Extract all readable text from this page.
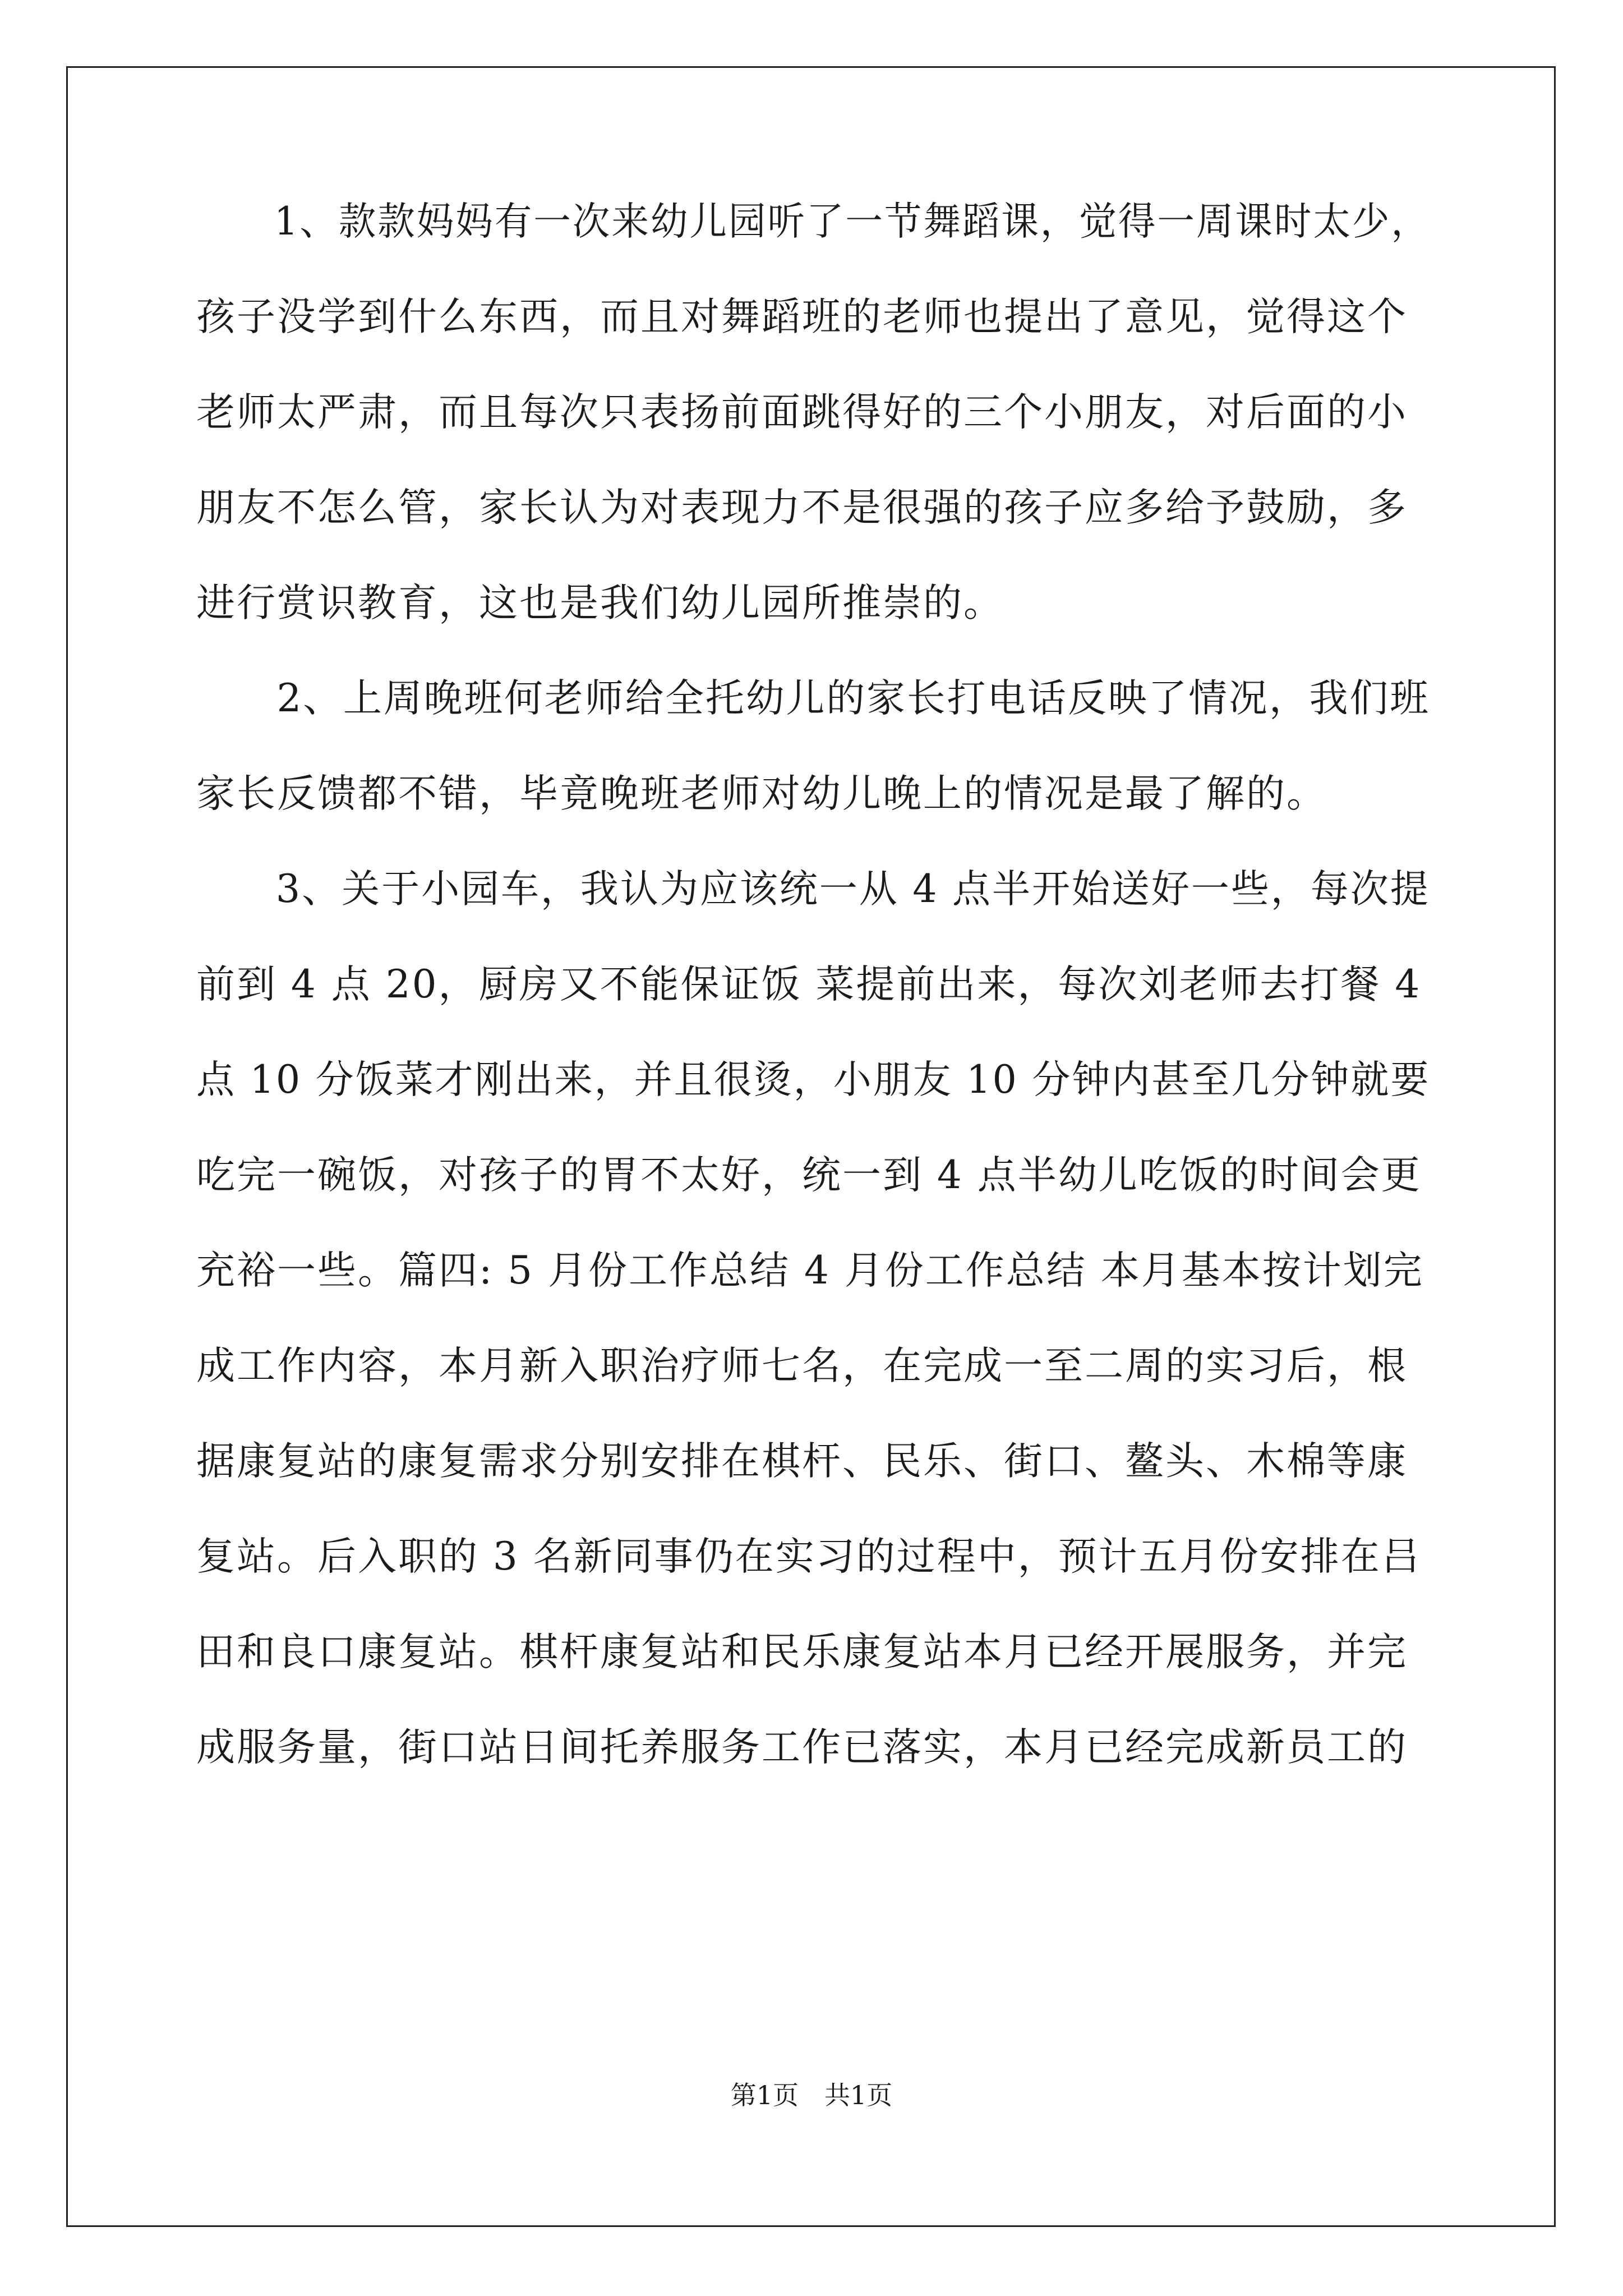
　　1、款款妈妈有一次来幼儿园听了一节舞蹈课，觉得一周课时太少，
孩子没学到什么东西，而且对舞蹈班的老师也提出了意见，觉得这个
老师太严肃，而且每次只表扬前面跳得好的三个小朋友，对后面的小
朋友不怎么管，家长认为对表现力不是很强的孩子应多给予鼓励，多
进行赏识教育，这也是我们幼儿园所推崇的。
　　2、上周晚班何老师给全托幼儿的家长打电话反映了情况，我们班
家长反馈都不错，毕竟晚班老师对幼儿晚上的情况是最了解的。
　　3、关于小园车，我认为应该统一从 4 点半开始送好一些，每次提
前到 4 点 20，厨房又不能保证饭 菜提前出来，每次刘老师去打餐 4
点 10 分饭菜才刚出来，并且很烫，小朋友 10 分钟内甚至几分钟就要
吃完一碗饭，对孩子的胃不太好，统一到 4 点半幼儿吃饭的时间会更
充裕一些。篇四: 5 月份工作总结 4 月份工作总结 本月基本按计划完
成工作内容，本月新入职治疗师七名，在完成一至二周的实习后，根
据康复站的康复需求分别安排在棋杆、民乐、街口、鳌头、木棉等康
复站。后入职的 3 名新同事仍在实习的过程中，预计五月份安排在吕
田和良口康复站。棋杆康复站和民乐康复站本月已经开展服务，并完
成服务量，街口站日间托养服务工作已落实，本月已经完成新员工的
第1页　共1页
